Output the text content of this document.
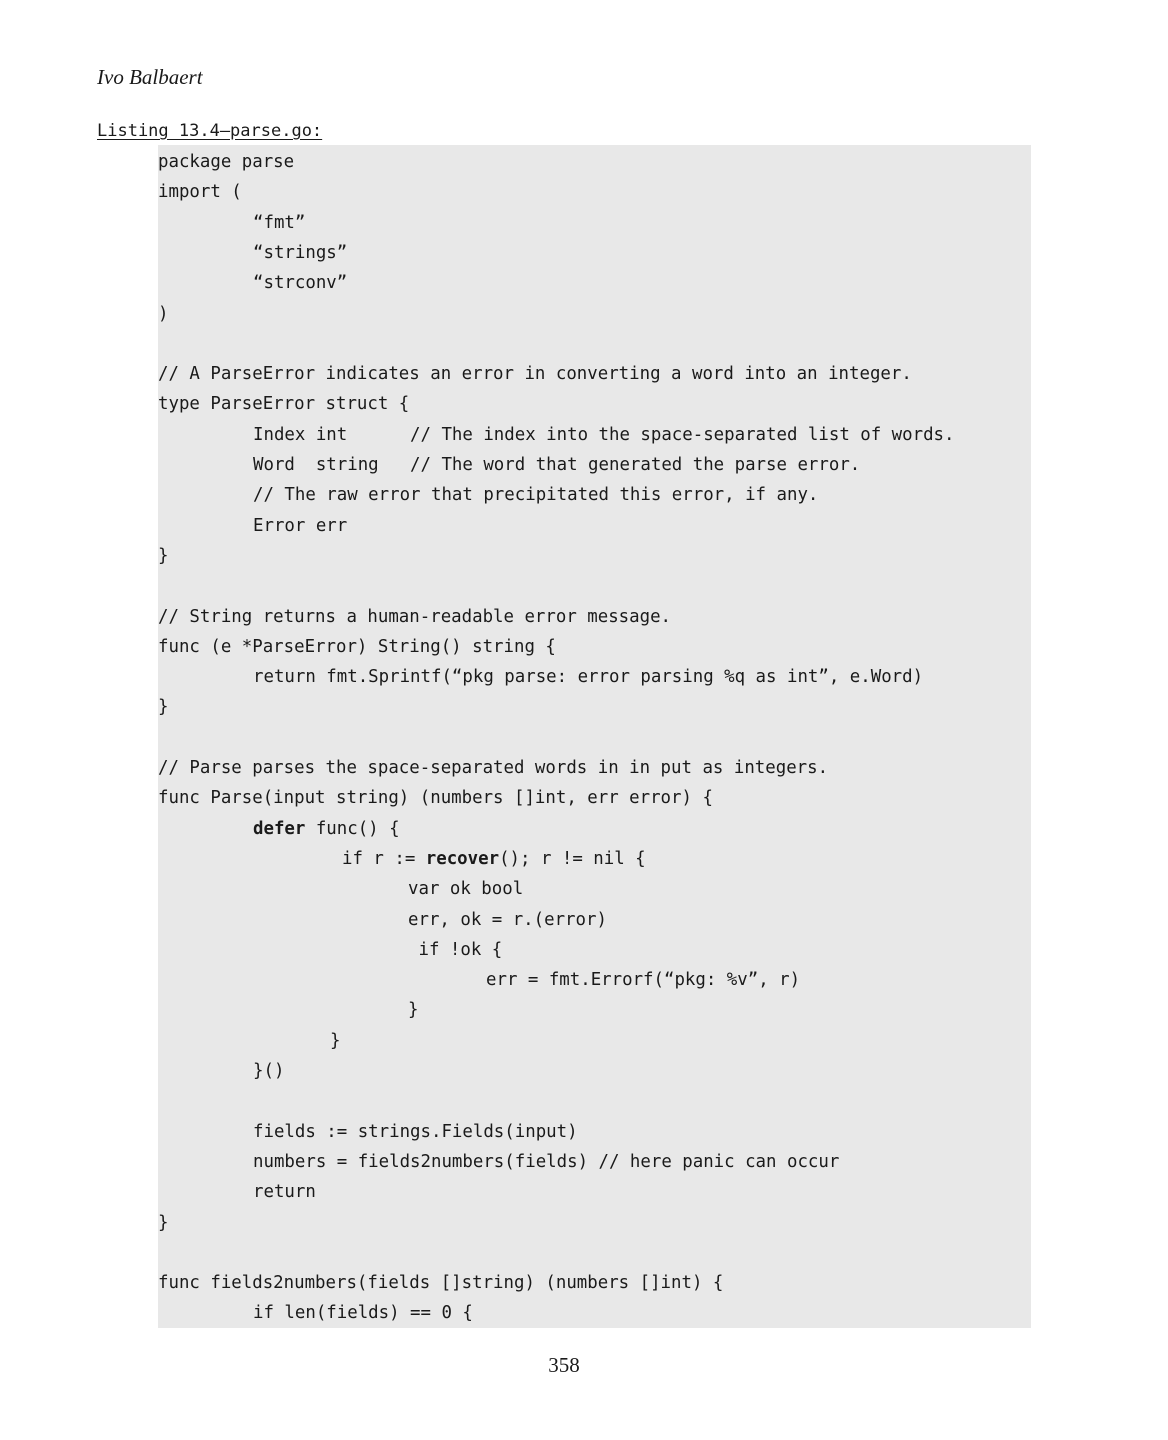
Ivo Balbaert

Listing 13.4—parse.go:

package parse
import (
“fmt”
“strings”
“strconv”
)
// A ParseError indicates an error in converting a word into an integer.
type ParseError struct {
Index int      // The index into the space-separated list of words.
Word  string   // The word that generated the parse error.
// The raw error that precipitated this error, if any.
Error err
}
// String returns a human-readable error message.
func (e *ParseError) String() string {
return fmt.Sprintf(“pkg parse: error parsing %q as int”, e.Word)
}
// Parse parses the space-separated words in in put as integers.
func Parse(input string) (numbers []int, err error) {
defer func() {
if r := recover(); r != nil {
var ok bool
err, ok = r.(error)
if !ok {
err = fmt.Errorf(“pkg: %v”, r)
}
}
}()
fields := strings.Fields(input)
numbers = fields2numbers(fields) // here panic can occur
return
}
func fields2numbers(fields []string) (numbers []int) {
if len(fields) == 0 {

358
